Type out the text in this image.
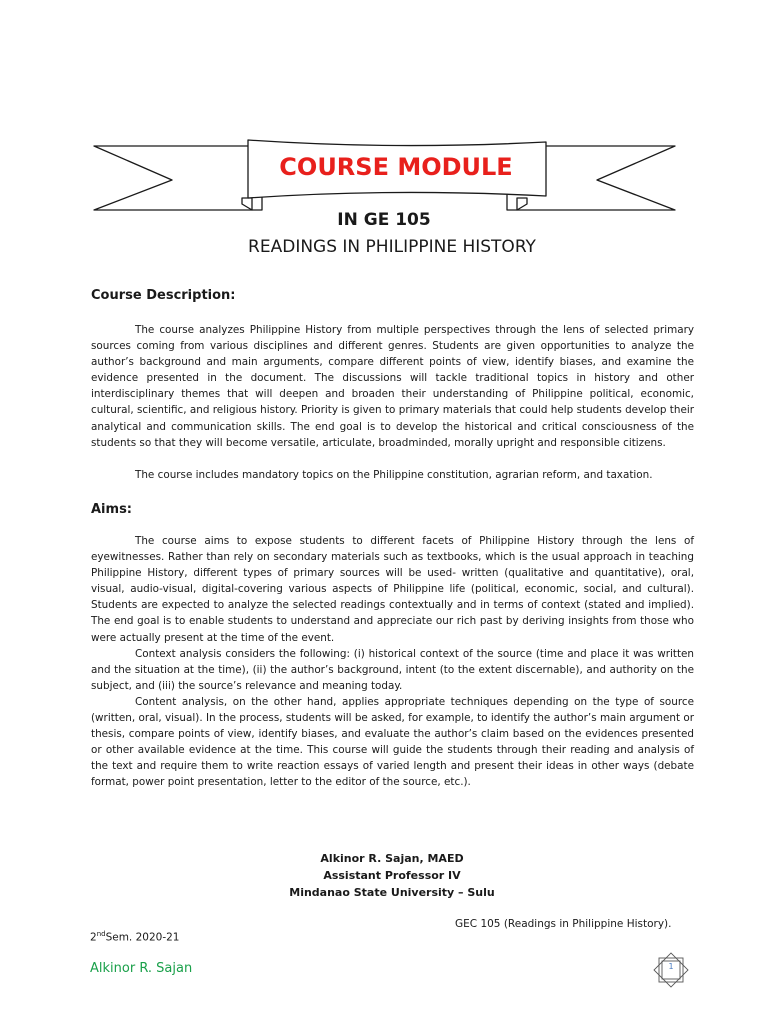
COURSE MODULE
IN GE 105
READINGS IN PHILIPPINE HISTORY
Course Description:

The course analyzes Philippine History from multiple perspectives through the lens of selected primary sources coming from various disciplines and different genres. Students are given opportunities to analyze the author’s background and main arguments, compare different points of view, identify biases, and examine the evidence presented in the document. The discussions will tackle traditional topics in history and other interdisciplinary themes that will deepen and broaden their understanding of Philippine political, economic, cultural, scientific, and religious history. Priority is given to primary materials that could help students develop their analytical and communication skills. The end goal is to develop the historical and critical consciousness of the students so that they will become versatile, articulate, broadminded, morally upright and responsible citizens.

The course includes mandatory topics on the Philippine constitution, agrarian reform, and taxation.

Aims:

The course aims to expose students to different facets of Philippine History through the lens of eyewitnesses. Rather than rely on secondary materials such as textbooks, which is the usual approach in teaching Philippine History, different types of primary sources will be used- written (qualitative and quantitative), oral, visual, audio-visual, digital-covering various aspects of Philippine life (political, economic, social, and cultural). Students are expected to analyze the selected readings contextually and in terms of context (stated and implied). The end goal is to enable students to understand and appreciate our rich past by deriving insights from those who were actually present at the time of the event.

Context analysis considers the following: (i) historical context of the source (time and place it was written and the situation at the time), (ii) the author’s background, intent (to the extent discernable), and authority on the subject, and (iii) the source’s relevance and meaning today.

Content analysis, on the other hand, applies appropriate techniques depending on the type of source (written, oral, visual). In the process, students will be asked, for example, to identify the author’s main argument or thesis, compare points of view, identify biases, and evaluate the author’s claim based on the evidences presented or other available evidence at the time. This course will guide the students through their reading and analysis of the text and require them to write reaction essays of varied length and present their ideas in other ways (debate format, power point presentation, letter to the editor of the source, etc.).

Alkinor R. Sajan, MAED
Assistant Professor IV
Mindanao State University – Sulu
GEC 105 (Readings in Philippine History).
2ndSem. 2020-21
Alkinor R. Sajan	1
